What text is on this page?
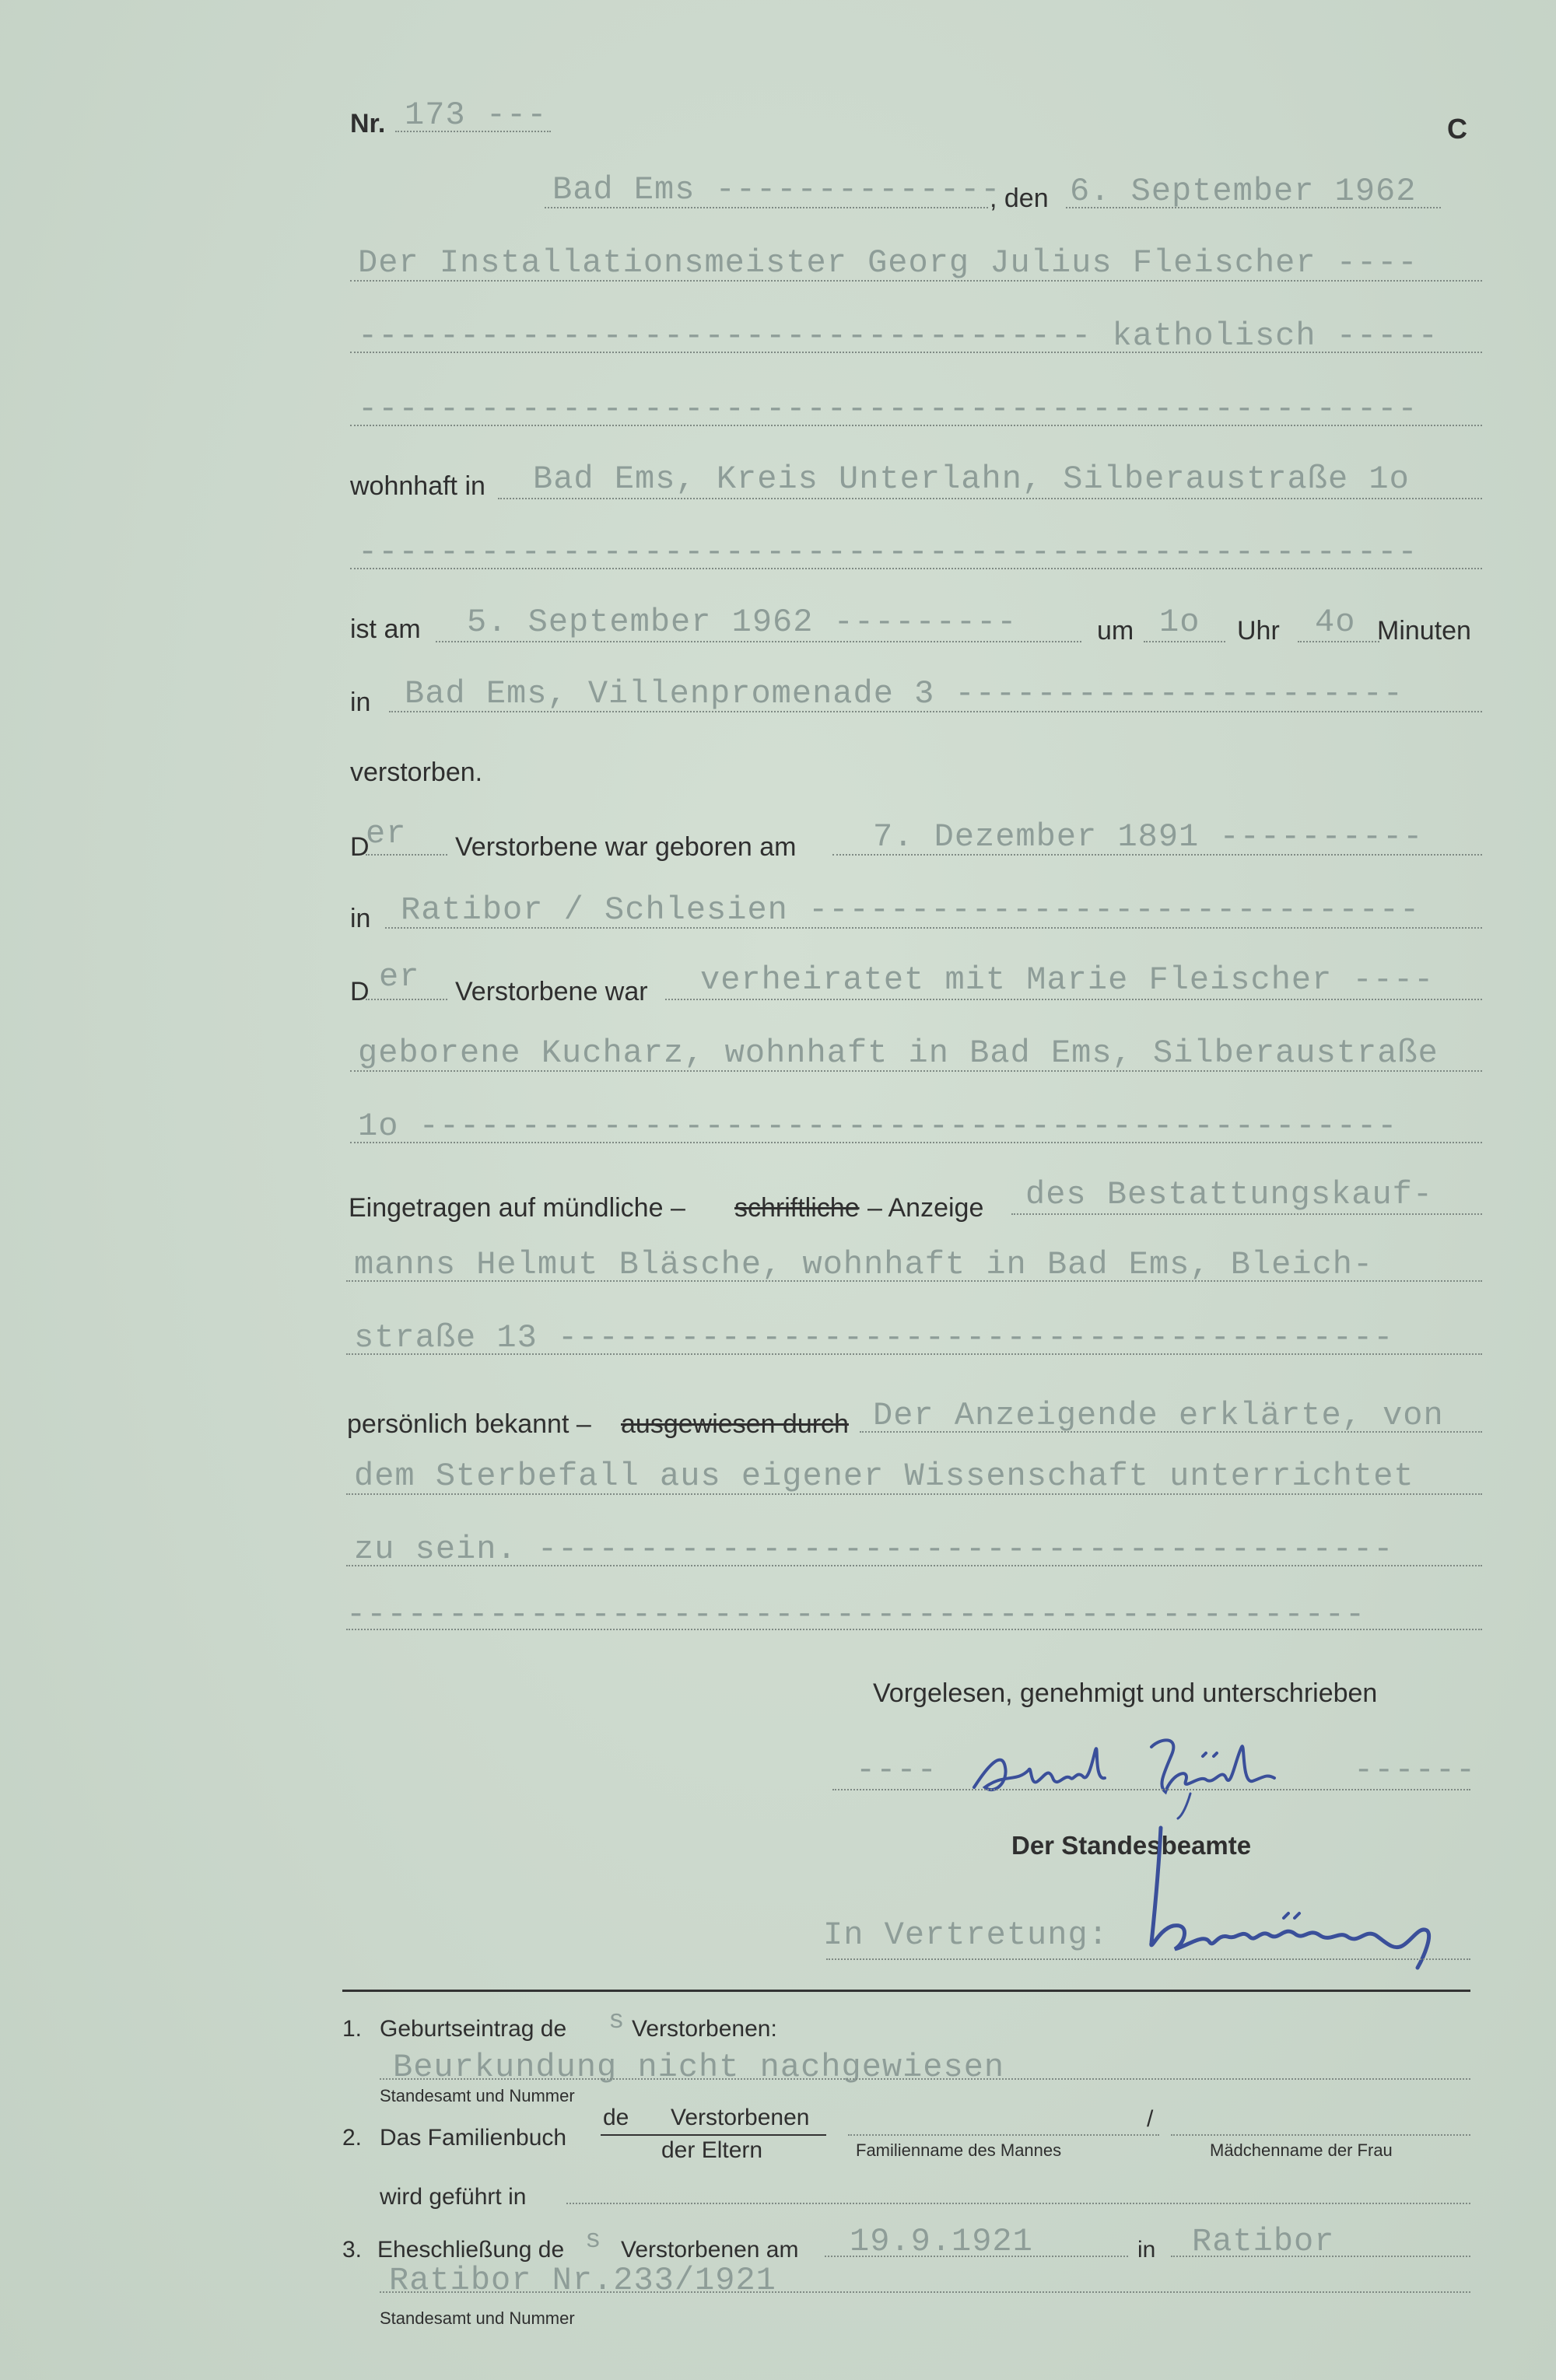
Nr. 173 ---	C
Bad Ems --------------
, den 6. September 1962
Der Installationsmeister Georg Julius Fleischer ----
------------------------------------ katholisch -----
----------------------------------------------------
wohnhaft in Bad Ems, Kreis Unterlahn, Silberaustraße 1o
----------------------------------------------------
ist am 5. September 1962 ---------	um 1o Uhr 4o Minuten
in Bad Ems, Villenpromenade 3 ----------------------
verstorben.
D
er Verstorbene war geboren am 7. Dezember 1891 ----------
in Ratibor / Schlesien ------------------------------
D er Verstorbene war verheiratet mit Marie Fleischer ----
geborene Kucharz, wohnhaft in Bad Ems, Silberaustraße
1o ------------------------------------------------
Eingetragen auf mündliche – schriftliche – Anzeige des Bestattungskauf-
manns Helmut Bläsche, wohnhaft in Bad Ems, Bleich-
straße 13 -----------------------------------------
persönlich bekannt – ausgewiesen durch Der Anzeigende erklärte, von
dem Sterbefall aus eigener Wissenschaft unterrichtet
zu sein. ------------------------------------------
--------------------------------------------------
Vorgelesen, genehmigt und unterschrieben
----	------
Der Standesbeamte
In Vertretung:
1. Geburtseintrag de s Verstorbenen:
Beurkundung nicht nachgewiesen
Standesamt und Nummer
2. Das Familienbuch
de Verstorbenen
der Eltern	Familienname des Mannes
/
Mädchenname der Frau
wird geführt in
3. Eheschließung de s Verstorbenen am 19.9.1921	in Ratibor
Ratibor Nr.233/1921
Standesamt und Nummer
